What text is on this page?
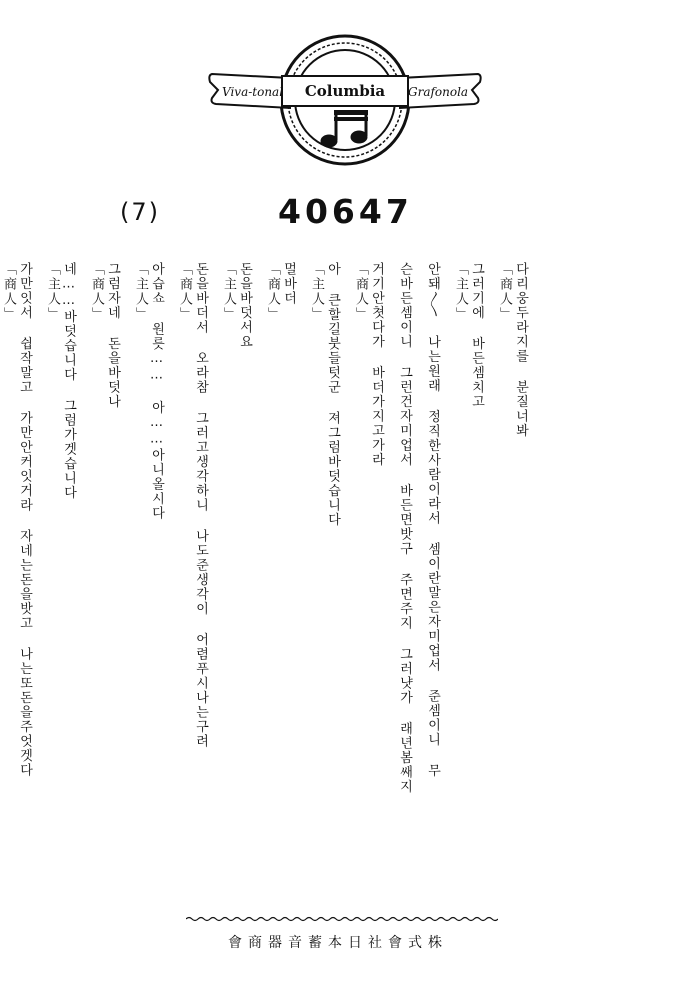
Viva-tonal Columbia Grafonola
(7)	40647
다리웅두라지를 분질너봐
「商人」
그러기에 바든셈치고
「主人」
안돼〳〵 나는원래 정직한사람이라서 셈이란말은자미업서 준셈이니 무
슨바든셈이니 그런건자미업서 바든면밧구 주면주지 그러냣가 래년봄쌔지
거기안쳣다가 바더가지고가라
「商人」
아 큰할길붓들텃군 져그럼바덧습니다
「主人」
멀바더
「商人」
돈을바덧서요
「主人」
돈을바더서 오라참 그러고생각하니 나도준생각이 어렴푸시나는구려
「商人」
아습쇼 원릇…… 아……아니올시다
「主人」
그럼자네 돈을바덧나
「商人」
네……바덧습니다 그럼가겟습니다
「主人」
가만잇서 쉽작말고 가만안커잇거라 자네는돈을밧고 나는또돈을주엇겟다
「商人」
會商器音蓄本日社會式株
